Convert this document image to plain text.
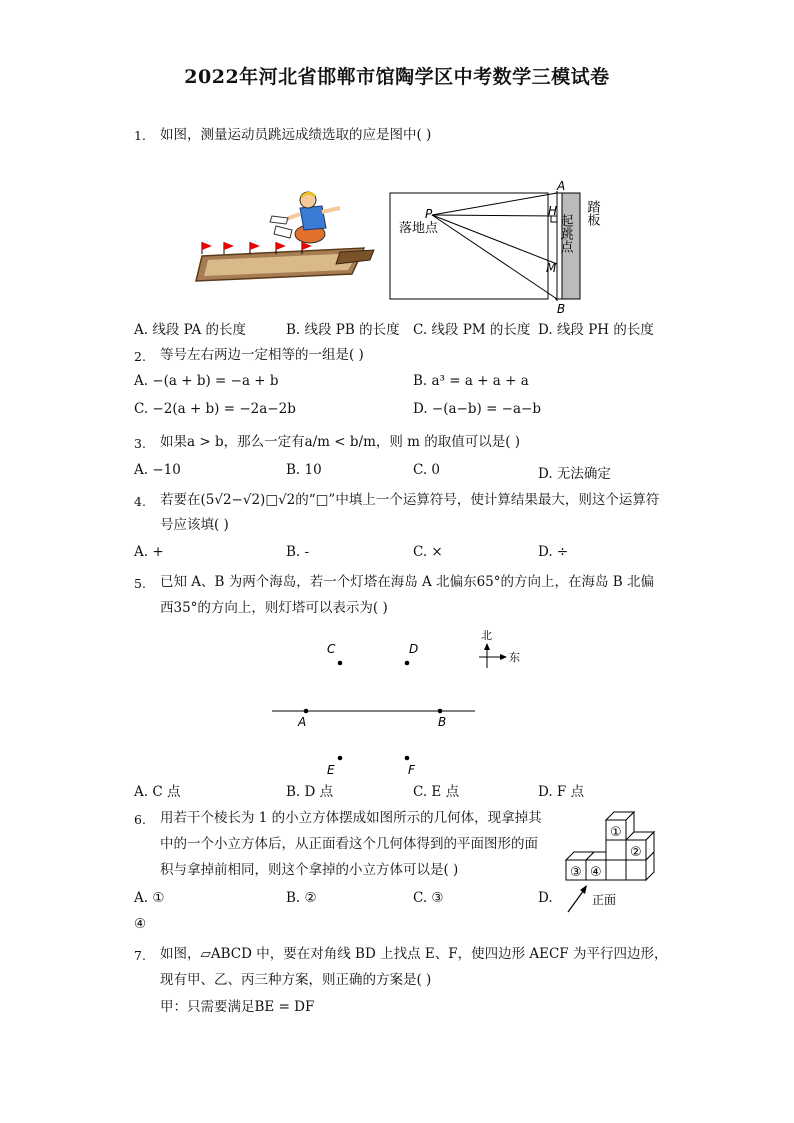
2022年河北省邯郸市馆陶学区中考数学三模试卷
1. 如图，测量运动员跳远成绩选取的应是图中( )
A
B
P	H
M
落地点	起跳点
踏板
A. 线段 PA 的长度	B. 线段 PB 的长度 C. 线段 PM 的长度 D. 线段 PH 的长度
2. 等号左右两边一定相等的一组是( )
A. −(a + b) = −a + b	B. a³ = a + a + a
C. −2(a + b) = −2a−2b	D. −(a−b) = −a−b
3. 如果a > b，那么一定有a/m < b/m，则 m 的取值可以是( )
A. −10	B. 10	C. 0	D. 无法确定
4. 若要在(5√2−√2)□√2的“□”中填上一个运算符号，使计算结果最大，则这个运算符
号应该填( )
A. +	B. -	C. ×	D. ÷
5. 已知 A、B 为两个海岛，若一个灯塔在海岛 A 北偏东65°的方向上，在海岛 B 北偏
西35°的方向上，则灯塔可以表示为( )
A	B
C	D
E	F
北
东
A. C 点	B. D 点	C. E 点	D. F 点
6. 用若干个棱长为 1 的小立方体摆成如图所示的几何体，现拿掉其
中的一个小立方体后，从正面看这个几何体得到的平面图形的面
积与拿掉前相同，则这个拿掉的小立方体可以是( )
①
②
③ ④
正面
A. ①	B. ②	C. ③	D.
④
7. 如图，▱ABCD 中，要在对角线 BD 上找点 E、F，使四边形 AECF 为平行四边形，
现有甲、乙、丙三种方案，则正确的方案是( )
甲：只需要满足BE = DF
